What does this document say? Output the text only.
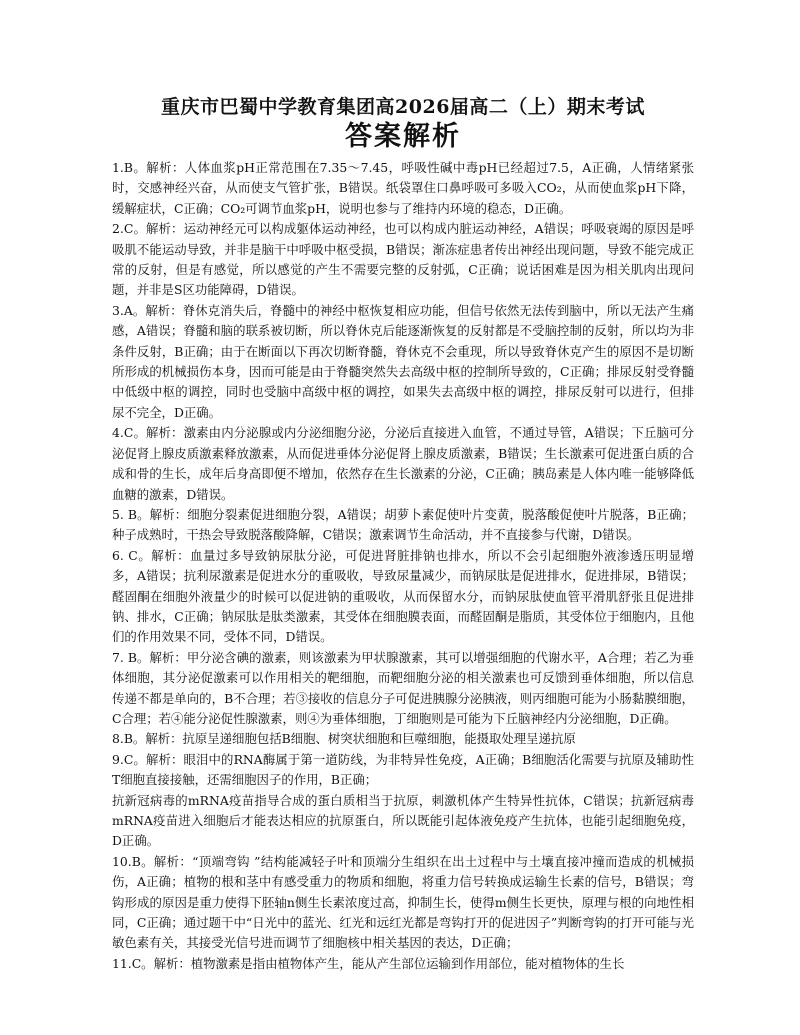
重庆市巴蜀中学教育集团高2026届高二（上）期末考试
答案解析

1.B。解析：人体血浆pH正常范围在7.35～7.45，呼吸性碱中毒pH已经超过7.5，A正确，人情绪紧张时，交感神经兴奋，从而使支气管扩张，B错误。纸袋罩住口鼻呼吸可多吸入CO₂，从而使血浆pH下降，缓解症状，C正确；CO₂可调节血浆pH，说明也参与了维持内环境的稳态，D正确。

2.C。解析：运动神经元可以构成躯体运动神经，也可以构成内脏运动神经，A错误；呼吸衰竭的原因是呼吸肌不能运动导致，并非是脑干中呼吸中枢受损，B错误；渐冻症患者传出神经出现问题，导致不能完成正常的反射，但是有感觉，所以感觉的产生不需要完整的反射弧，C正确；说话困难是因为相关肌肉出现问题，并非是S区功能障碍，D错误。

3.A。解析：脊休克消失后，脊髓中的神经中枢恢复相应功能，但信号依然无法传到脑中，所以无法产生痛感，A错误；脊髓和脑的联系被切断，所以脊休克后能逐渐恢复的反射都是不受脑控制的反射，所以均为非条件反射，B正确；由于在断面以下再次切断脊髓，脊休克不会重现，所以导致脊休克产生的原因不是切断所形成的机械损伤本身，因而可能是由于脊髓突然失去高级中枢的控制所导致的，C正确；排尿反射受脊髓中低级中枢的调控，同时也受脑中高级中枢的调控，如果失去高级中枢的调控，排尿反射可以进行，但排尿不完全，D正确。

4.C。解析：激素由内分泌腺或内分泌细胞分泌，分泌后直接进入血管，不通过导管，A错误；下丘脑可分泌促肾上腺皮质激素释放激素，从而促进垂体分泌促肾上腺皮质激素，B错误；生长激素可促进蛋白质的合成和骨的生长，成年后身高即便不增加，依然存在生长激素的分泌，C正确；胰岛素是人体内唯一能够降低血糖的激素，D错误。

5. B。解析：细胞分裂素促进细胞分裂，A错误；胡萝卜素促使叶片变黄，脱落酸促使叶片脱落，B正确；种子成熟时，干热会导致脱落酸降解，C错误；激素调节生命活动，并不直接参与代谢，D错误。

6. C。解析：血量过多导致钠尿肽分泌，可促进肾脏排钠也排水，所以不会引起细胞外液渗透压明显增多，A错误；抗利尿激素是促进水分的重吸收，导致尿量减少，而钠尿肽是促进排水，促进排尿，B错误；醛固酮在细胞外液量少的时候可以促进钠的重吸收，从而保留水分，而钠尿肽使血管平滑肌舒张且促进排钠、排水，C正确；钠尿肽是肽类激素，其受体在细胞膜表面，而醛固酮是脂质，其受体位于细胞内，且他们的作用效果不同，受体不同，D错误。

7. B。解析：甲分泌含碘的激素，则该激素为甲状腺激素，其可以增强细胞的代谢水平，A合理；若乙为垂体细胞，其分泌促激素可以作用相关的靶细胞，而靶细胞分泌的相关激素也可反馈到垂体细胞，所以信息传递不都是单向的，B不合理；若③接收的信息分子可促进胰腺分泌胰液，则丙细胞可能为小肠黏膜细胞，C合理；若④能分泌促性腺激素，则④为垂体细胞，丁细胞则是可能为下丘脑神经内分泌细胞，D正确。

8.B。解析：抗原呈递细胞包括B细胞、树突状细胞和巨噬细胞，能摄取处理呈递抗原

9.C。解析：眼泪中的RNA酶属于第一道防线，为非特异性免疫，A正确；B细胞活化需要与抗原及辅助性T细胞直接接触，还需细胞因子的作用，B正确；

抗新冠病毒的mRNA疫苗指导合成的蛋白质相当于抗原，刺激机体产生特异性抗体，C错误；抗新冠病毒mRNA疫苗进入细胞后才能表达相应的抗原蛋白，所以既能引起体液免疫产生抗体，也能引起细胞免疫，D正确。

10.B。解析：“顶端弯钩 ”结构能减轻子叶和顶端分生组织在出土过程中与土壤直接冲撞而造成的机械损伤，A正确；植物的根和茎中有感受重力的物质和细胞，将重力信号转换成运输生长素的信号，B错误；弯钩形成的原因是重力使得下胚轴n侧生长素浓度过高，抑制生长，使得m侧生长更快，原理与根的向地性相同，C正确；通过题干中“日光中的蓝光、红光和远红光都是弯钩打开的促进因子”判断弯钩的打开可能与光敏色素有关，其接受光信号进而调节了细胞核中相关基因的表达，D正确；

11.C。解析：植物激素是指由植物体产生，能从产生部位运输到作用部位，能对植物体的生长
